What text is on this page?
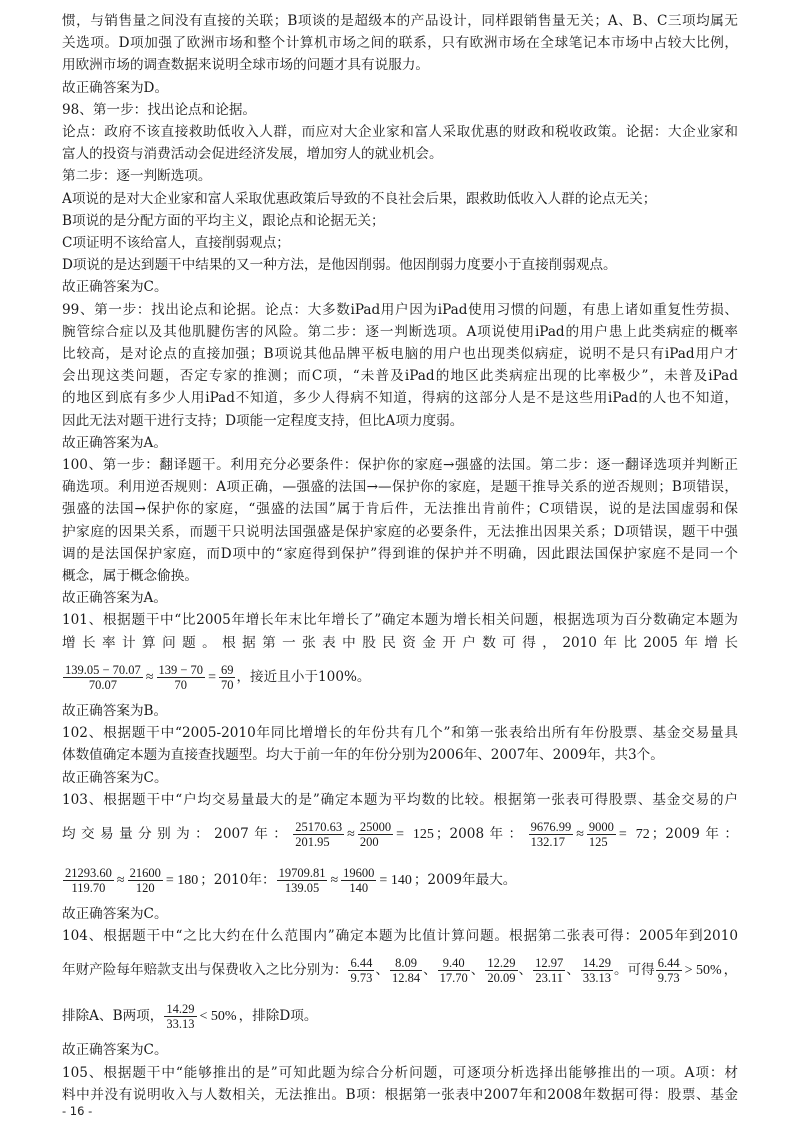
惯，与销售量之间没有直接的关联；B项谈的是超级本的产品设计，同样跟销售量无关；A、B、C三项均属无
关选项。D项加强了欧洲市场和整个计算机市场之间的联系，只有欧洲市场在全球笔记本市场中占较大比例，
用欧洲市场的调查数据来说明全球市场的问题才具有说服力。
故正确答案为D。
98、第一步：找出论点和论据。
论点：政府不该直接救助低收入人群，而应对大企业家和富人采取优惠的财政和税收政策。论据：大企业家和
富人的投资与消费活动会促进经济发展，增加穷人的就业机会。
第二步：逐一判断选项。
A项说的是对大企业家和富人采取优惠政策后导致的不良社会后果，跟救助低收入人群的论点无关；
B项说的是分配方面的平均主义，跟论点和论据无关；
C项证明不该给富人，直接削弱观点；
D项说的是达到题干中结果的又一种方法，是他因削弱。他因削弱力度要小于直接削弱观点。
故正确答案为C。
99、第一步：找出论点和论据。论点：大多数iPad用户因为iPad使用习惯的问题，有患上诸如重复性劳损、
腕管综合症以及其他肌腱伤害的风险。第二步：逐一判断选项。A项说使用iPad的用户患上此类病症的概率
比较高，是对论点的直接加强；B项说其他品牌平板电脑的用户也出现类似病症，说明不是只有iPad用户才
会出现这类问题，否定专家的推测；而C项，“未普及iPad的地区此类病症出现的比率极少”，未普及iPad
的地区到底有多少人用iPad不知道，多少人得病不知道，得病的这部分人是不是这些用iPad的人也不知道，
因此无法对题干进行支持；D项能一定程度支持，但比A项力度弱。
故正确答案为A。
100、第一步：翻译题干。利用充分必要条件：保护你的家庭→强盛的法国。第二步：逐一翻译选项并判断正
确选项。利用逆否规则：A项正确，—强盛的法国→—保护你的家庭，是题干推导关系的逆否规则；B项错误，
强盛的法国→保护你的家庭，“强盛的法国”属于肯后件，无法推出肯前件；C项错误，说的是法国虚弱和保
护家庭的因果关系，而题干只说明法国强盛是保护家庭的必要条件，无法推出因果关系；D项错误，题干中强
调的是法国保护家庭，而D项中的“家庭得到保护”得到谁的保护并不明确，因此跟法国保护家庭不是同一个
概念，属于概念偷换。
故正确答案为A。
101、根据题干中“比2005年增长年末比年增长了”确定本题为增长相关问题，根据选项为百分数确定本题为
增长率计算问题。根据第一张表中股民资金开户数可得，2010年比2005年增长
$\frac{139.05 - 70.07}{70.07} \approx \frac{139 - 70}{70} = \frac{69}{70}$ ，接近且小于100%。
故正确答案为B。
102、根据题干中“2005-2010年同比增增长的年份共有几个”和第一张表给出所有年份股票、基金交易量具
体数值确定本题为直接查找题型。均大于前一年的年份分别为2006年、2007年、2009年，共3个。
故正确答案为C。
103、根据题干中“户均交易量最大的是”确定本题为平均数的比较。根据第一张表可得股票、基金交易的户
均交易量分别为：2007年： $\frac{25170.63}{201.95} \approx \frac{25000}{200} = 125$ ；2008年： $\frac{9676.99}{132.17} \approx \frac{9000}{125} = 72$ ；2009年：
$\frac{21293.60}{119.70} \approx \frac{21600}{120} = 180$ ；2010年： $\frac{19709.81}{139.05} \approx \frac{19600}{140} = 140$ ；2009年最大。
故正确答案为C。
104、根据题干中“之比大约在什么范围内”确定本题为比值计算问题。根据第二张表可得：2005年到2010
年财产险每年赔款支出与保费收入之比分别为： $\frac{6.44}{9.73}$ 、 $\frac{8.09}{12.84}$ 、 $\frac{9.40}{17.70}$ 、 $\frac{12.29}{20.09}$ 、 $\frac{12.97}{23.11}$ 、 $\frac{14.29}{33.13}$ 。可得 $\frac{6.44}{9.73} > 50\%$ ，
排除A、B两项， $\frac{14.29}{33.13} < 50\%$ ，排除D项。
故正确答案为C。
105、根据题干中“能够推出的是”可知此题为综合分析问题，可逐项分析选择出能够推出的一项。A项：材
料中并没有说明收入与人数相关，无法推出。B项：根据第一张表中2007年和2008年数据可得：股票、基金
- 16 -
